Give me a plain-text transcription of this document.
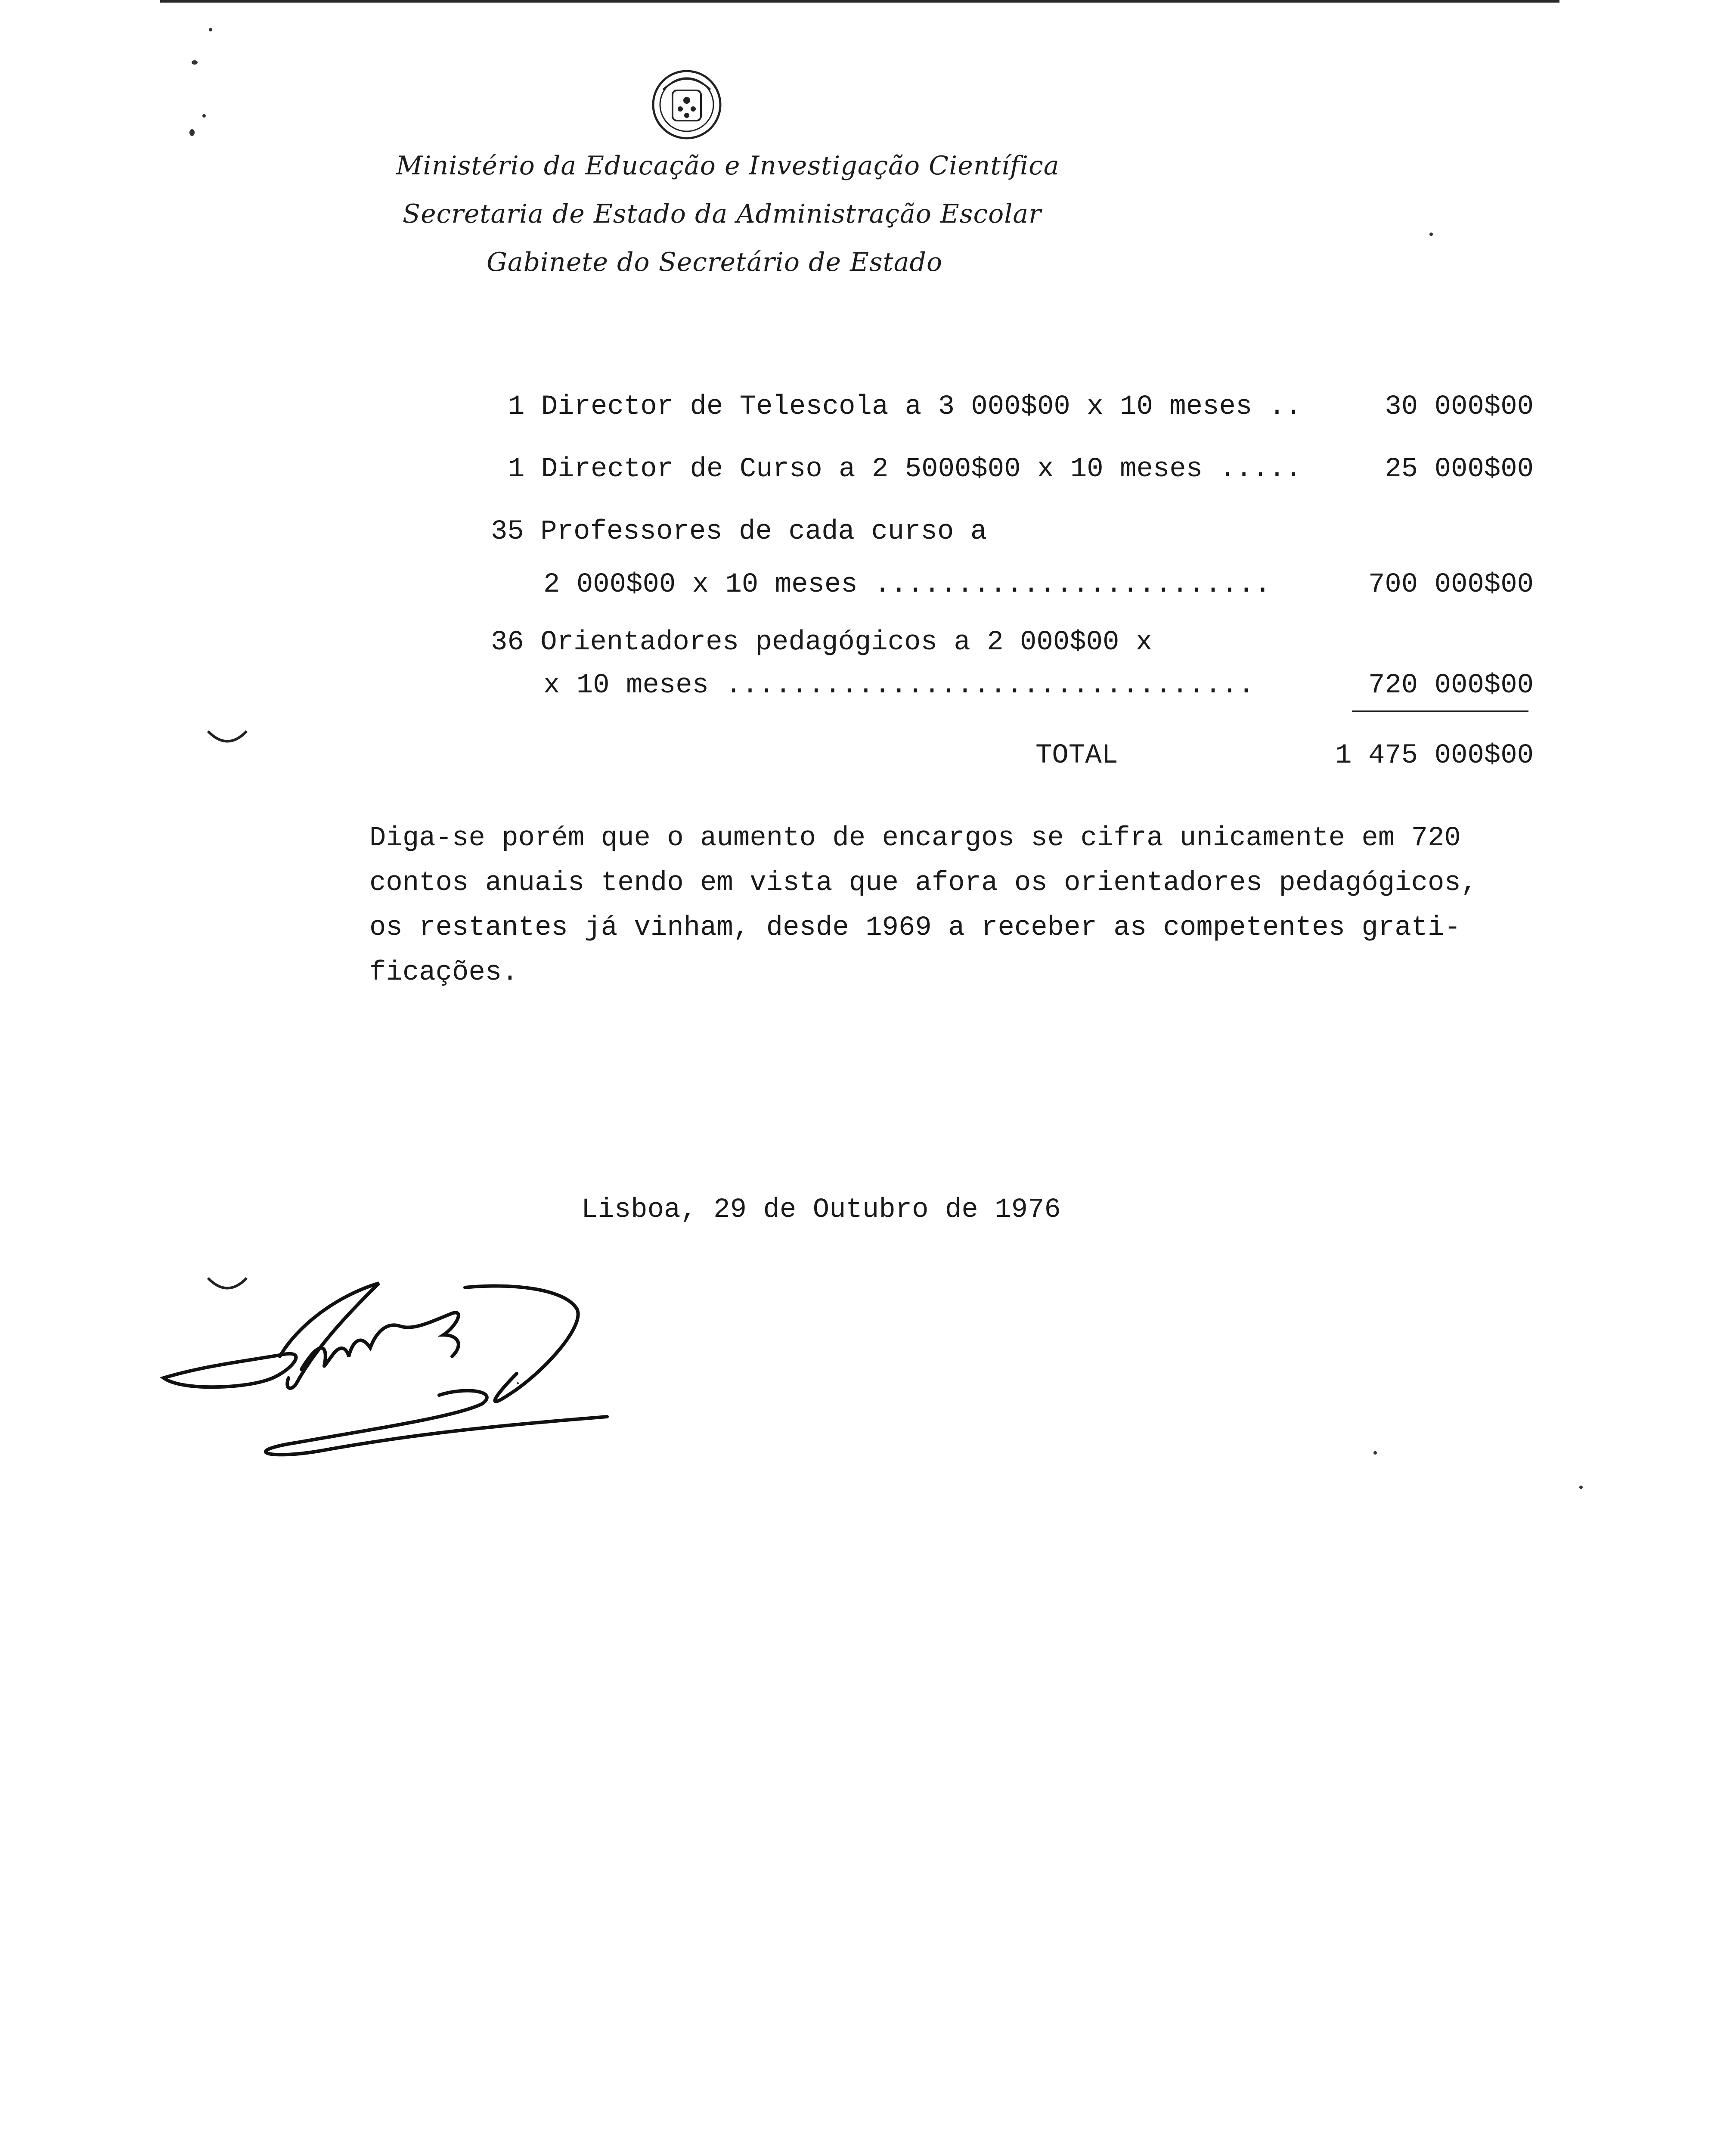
Ministério da Educação e Investigação Científica
Secretaria de Estado da Administração Escolar
Gabinete do Secretário de Estado
1 Director de Telescola a 3 000$00 x 10 meses ..	30 000$00
1 Director de Curso a 2 5000$00 x 10 meses .....	25 000$00
35 Professores de cada curso a
2 000$00 x 10 meses ........................	700 000$00
36 Orientadores pedagógicos a 2 000$00 x
x 10 meses ................................	720 000$00
TOTAL	1 475 000$00
Diga-se porém que o aumento de encargos se cifra unicamente em 720
contos anuais tendo em vista que afora os orientadores pedagógicos,
os restantes já vinham, desde 1969 a receber as competentes grati-
ficações.
Lisboa, 29 de Outubro de 1976
